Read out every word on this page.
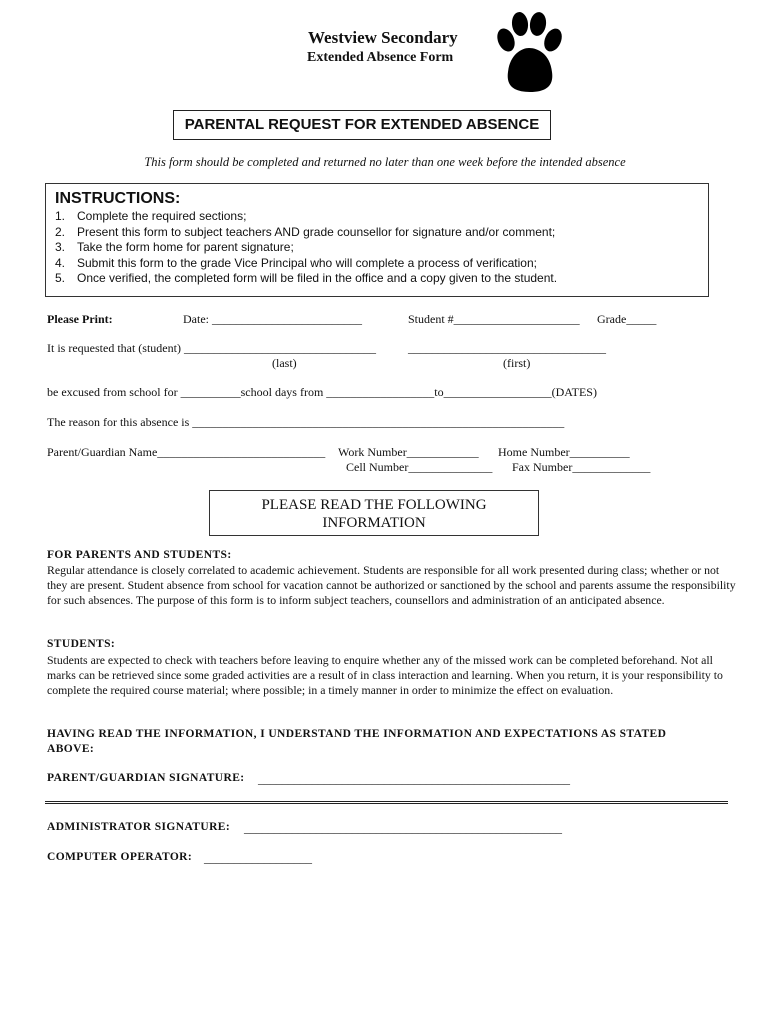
Westview Secondary
Extended Absence Form
PARENTAL REQUEST FOR EXTENDED ABSENCE
This form should be completed and returned no later than one week before the intended absence
INSTRUCTIONS:
1. Complete the required sections;
2. Present this form to subject teachers AND grade counsellor for signature and/or comment;
3. Take the form home for parent signature;
4. Submit this form to the grade Vice Principal who will complete a process of verification;
5. Once verified, the completed form will be filed in the office and a copy given to the student.
Please Print:	Date: _________________________	Student #_____________________ Grade_____
It is requested that (student) ________________________________	_________________________________
(last)	(first)
be excused from school for __________school days from __________________to__________________(DATES)
The reason for this absence is ______________________________________________________________
Parent/Guardian Name____________________________ Work Number____________ Home Number__________
Cell Number______________ Fax Number_____________
PLEASE READ THE FOLLOWING
INFORMATION
FOR PARENTS AND STUDENTS:
Regular attendance is closely correlated to academic achievement. Students are responsible for all work presented during class; whether or not they are present. Student absence from school for vacation cannot be authorized or sanctioned by the school and parents assume the responsibility for such absences. The purpose of this form is to inform subject teachers, counsellors and administration of an anticipated absence.
STUDENTS:
Students are expected to check with teachers before leaving to enquire whether any of the missed work can be completed beforehand. Not all marks can be retrieved since some graded activities are a result of in class interaction and learning. When you return, it is your responsibility to complete the required course material; where possible; in a timely manner in order to minimize the effect on evaluation.
HAVING READ THE INFORMATION, I UNDERSTAND THE INFORMATION AND EXPECTATIONS AS STATED ABOVE:
PARENT/GUARDIAN SIGNATURE: ____________________________________________________
ADMINISTRATOR SIGNATURE: _____________________________________________________
COMPUTER OPERATOR: __________________
